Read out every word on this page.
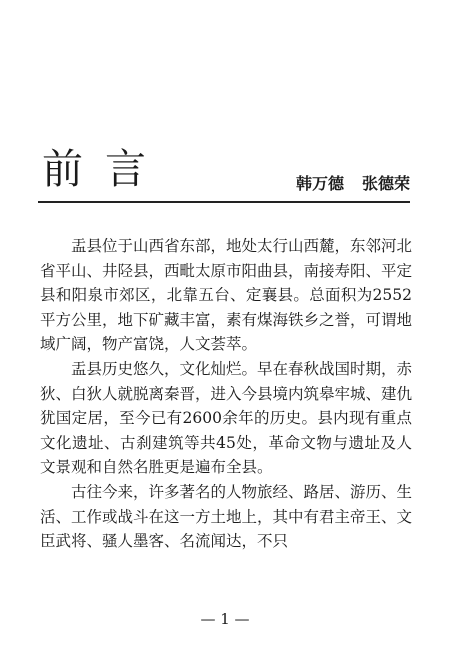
前言	韩万德 张德荣

盂县位于山西省东部，地处太行山西麓，东邻河北省平山、井陉县，西毗太原市阳曲县，南接寿阳、平定县和阳泉市郊区，北靠五台、定襄县。总面积为2552平方公里，地下矿藏丰富，素有煤海铁乡之誉，可谓地域广阔，物产富饶，人文荟萃。

盂县历史悠久，文化灿烂。早在春秋战国时期，赤狄、白狄人就脱离秦晋，进入今县境内筑皋牢城、建仇犹国定居，至今已有2600余年的历史。县内现有重点文化遗址、古刹建筑等共45处，革命文物与遗址及人文景观和自然名胜更是遍布全县。

古往今来，许多著名的人物旅经、路居、游历、生活、工作或战斗在这一方土地上，其中有君主帝王、文臣武将、骚人墨客、名流闻达，不只

— 1 —
